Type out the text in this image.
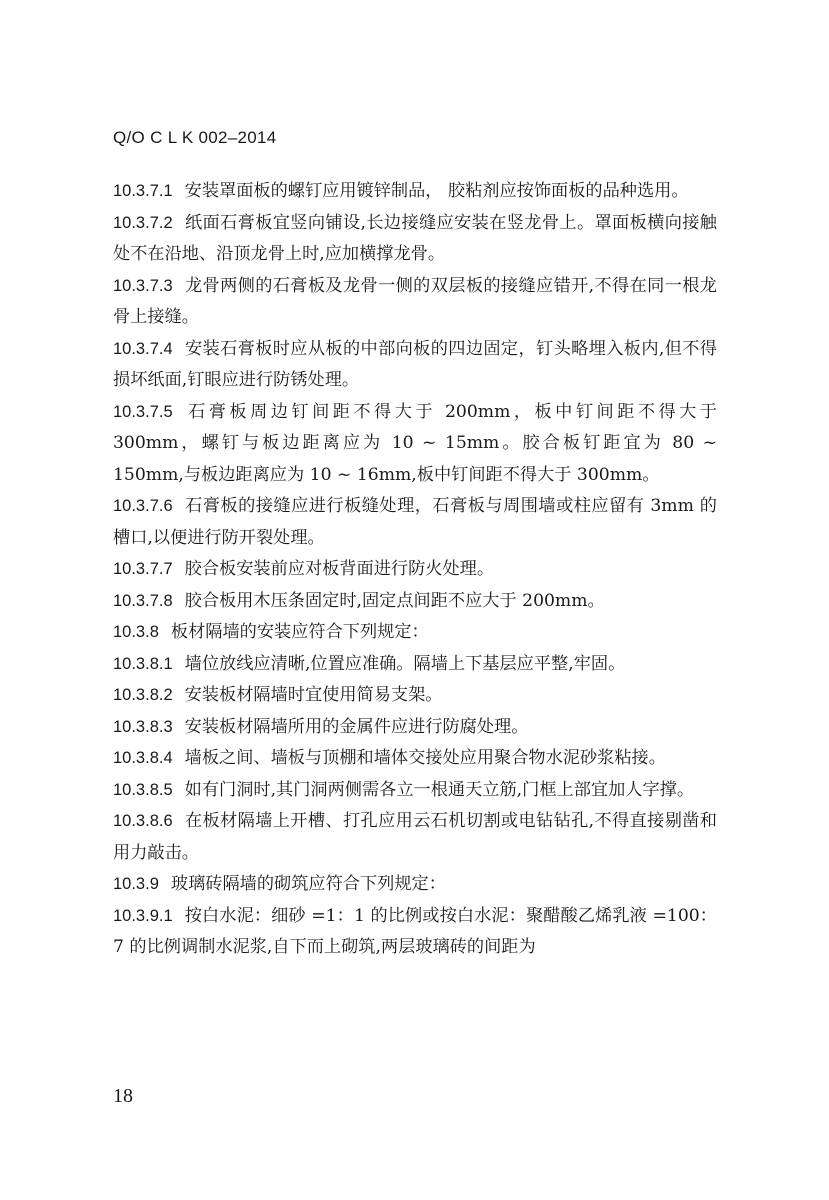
Q/O C L K 002–2014

10.3.7.1 安装罩面板的螺钉应用镀锌制品， 胶粘剂应按饰面板的品种选用。

10.3.7.2 纸面石膏板宜竖向铺设,长边接缝应安装在竖龙骨上。罩面板横向接触处不在沿地、沿顶龙骨上时,应加横撑龙骨。

10.3.7.3 龙骨两侧的石膏板及龙骨一侧的双层板的接缝应错开,不得在同一根龙骨上接缝。

10.3.7.4 安装石膏板时应从板的中部向板的四边固定，钉头略埋入板内,但不得损坏纸面,钉眼应进行防锈处理。

10.3.7.5 石膏板周边钉间距不得大于 200mm，板中钉间距不得大于 300mm，螺钉与板边距离应为 10 ~ 15mm。胶合板钉距宜为 80 ~ 150mm,与板边距离应为 10 ~ 16mm,板中钉间距不得大于 300mm。

10.3.7.6 石膏板的接缝应进行板缝处理，石膏板与周围墙或柱应留有 3mm 的槽口,以便进行防开裂处理。

10.3.7.7 胶合板安装前应对板背面进行防火处理。

10.3.7.8 胶合板用木压条固定时,固定点间距不应大于 200mm。

10.3.8 板材隔墙的安装应符合下列规定：

10.3.8.1 墙位放线应清晰,位置应准确。隔墙上下基层应平整,牢固。

10.3.8.2 安装板材隔墙时宜使用简易支架。

10.3.8.3 安装板材隔墙所用的金属件应进行防腐处理。

10.3.8.4 墙板之间、墙板与顶棚和墙体交接处应用聚合物水泥砂浆粘接。

10.3.8.5 如有门洞时,其门洞两侧需各立一根通天立筋,门框上部宜加人字撑。

10.3.8.6 在板材隔墙上开槽、打孔应用云石机切割或电钻钻孔,不得直接剔凿和用力敲击。

10.3.9 玻璃砖隔墙的砌筑应符合下列规定：

10.3.9.1 按白水泥：细砂 =1：1 的比例或按白水泥：聚醋酸乙烯乳液 =100：7 的比例调制水泥浆,自下而上砌筑,两层玻璃砖的间距为

18
